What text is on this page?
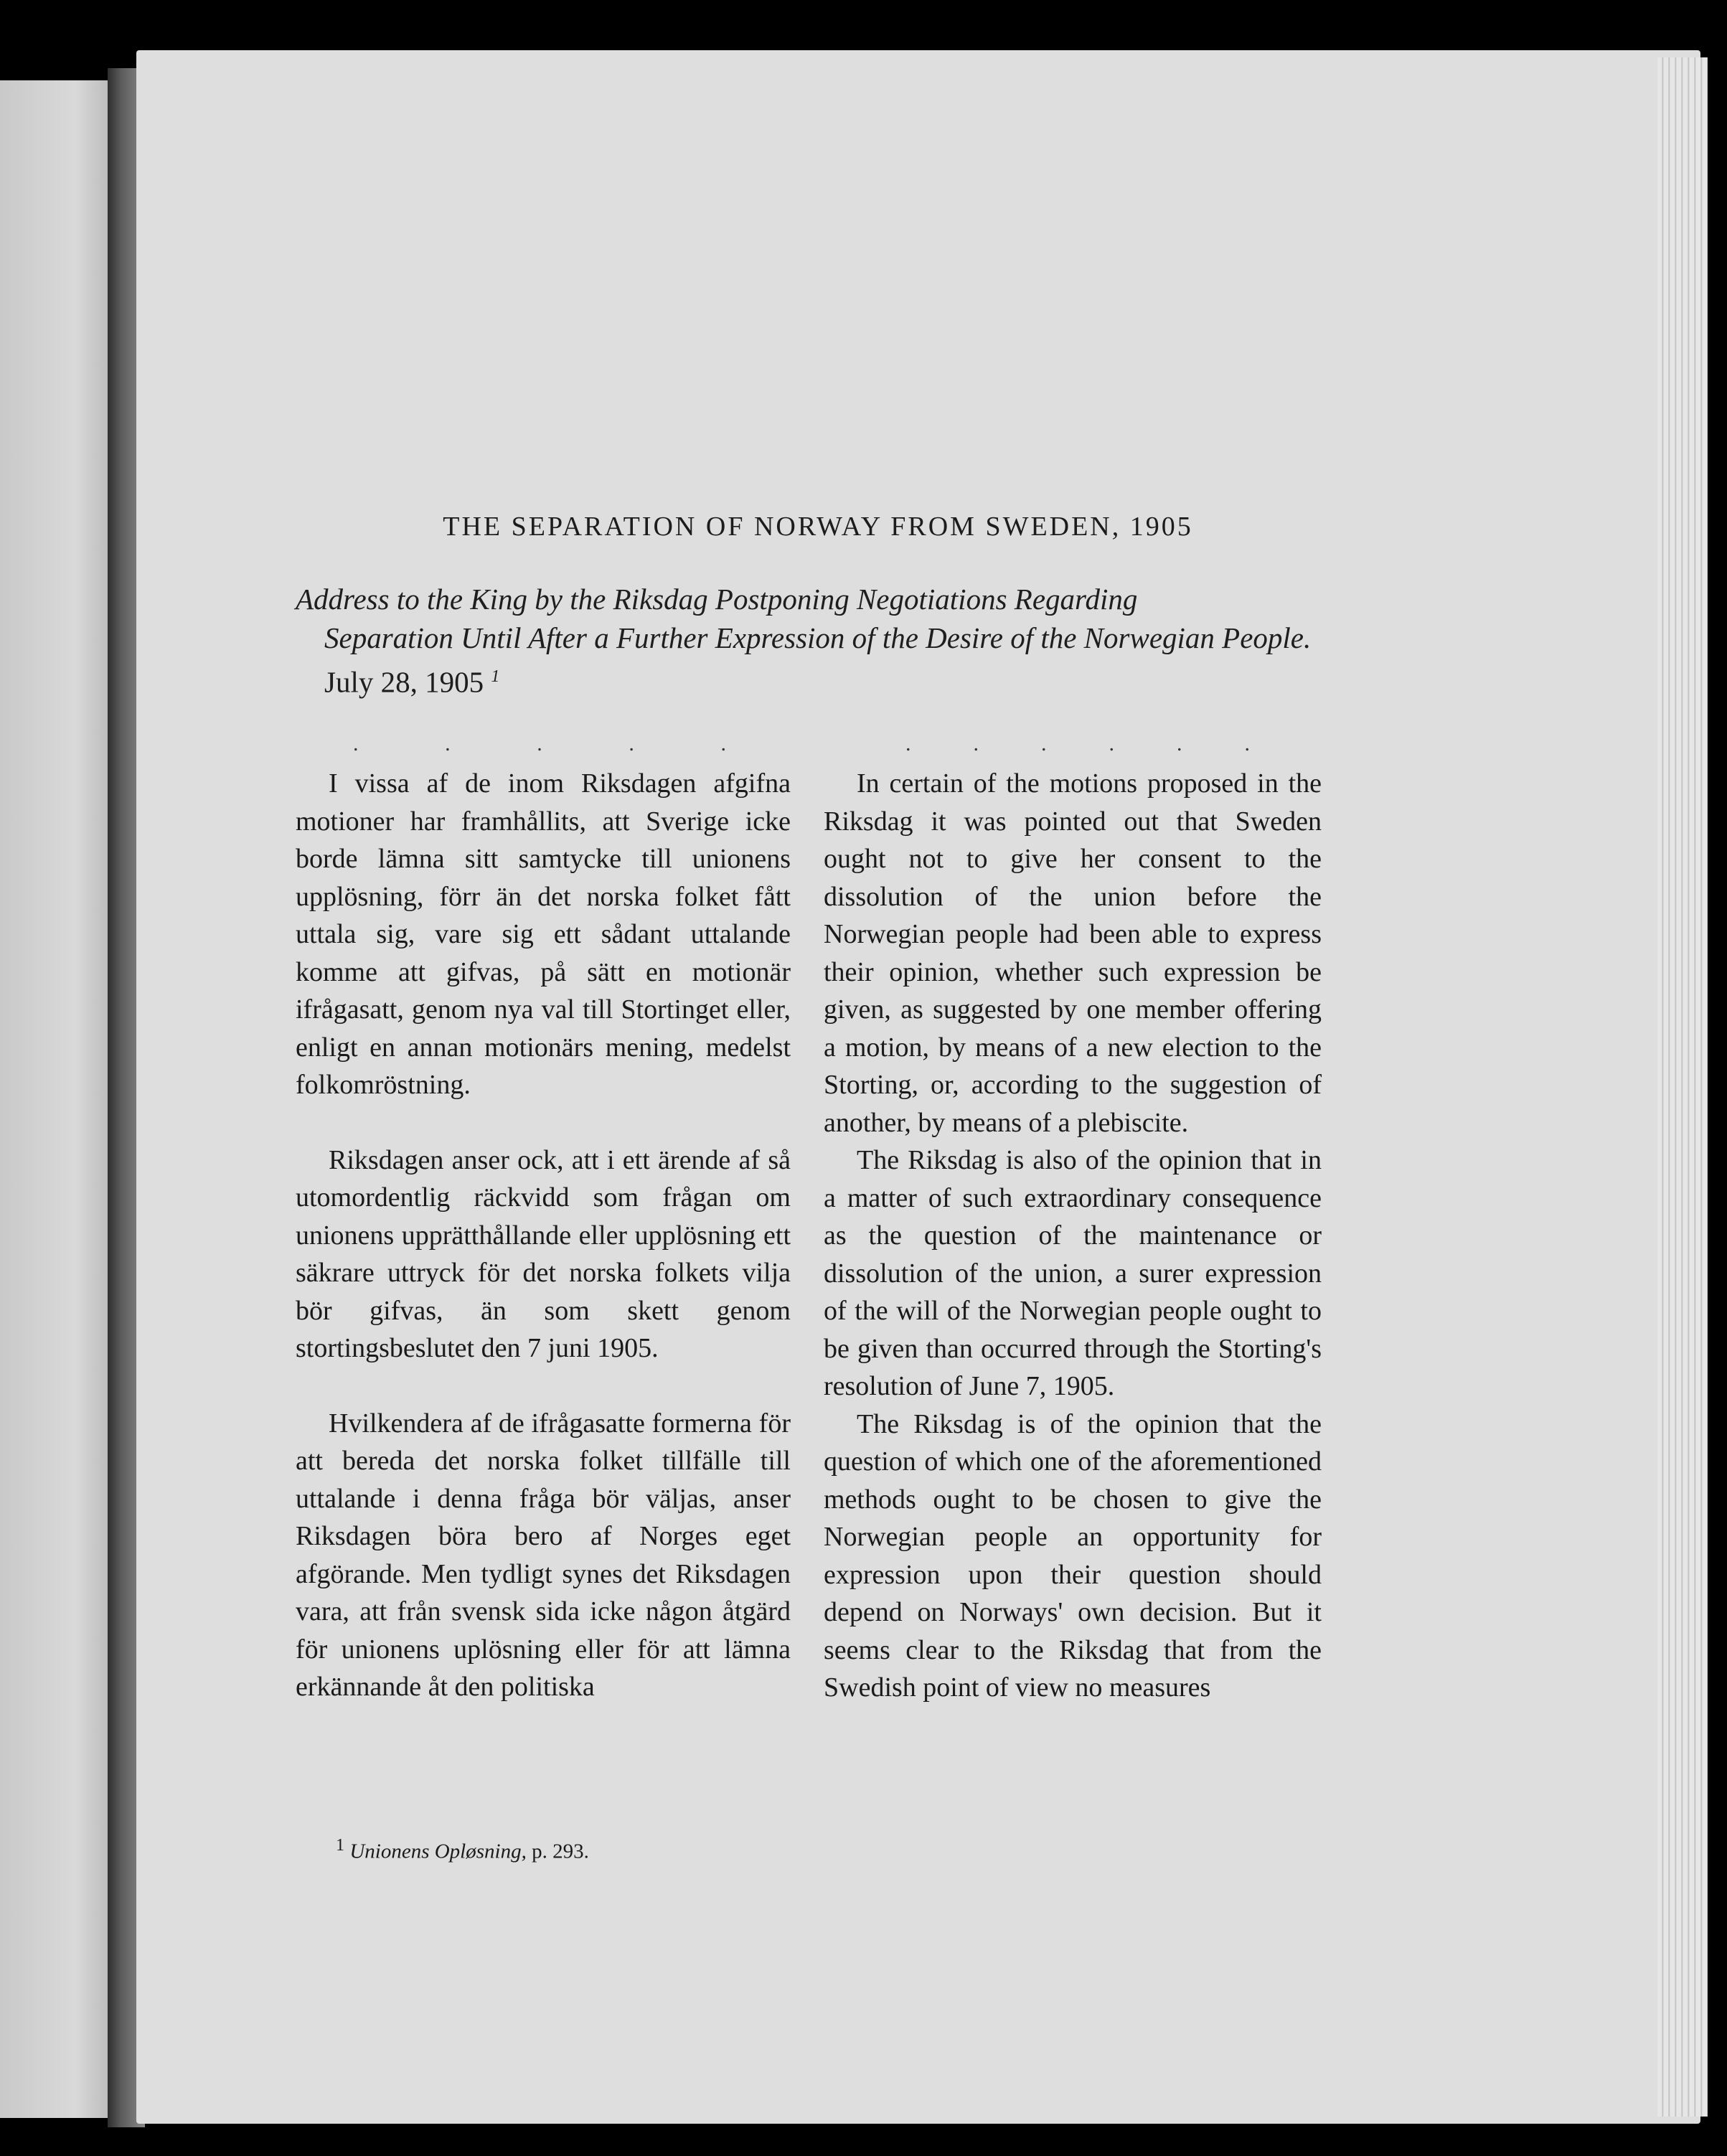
THE SEPARATION OF NORWAY FROM SWEDEN, 1905
Address to the King by the Riksdag Postponing Negotiations Regarding
Separation Until After a Further Expression of the Desire of the Norwegian People. July 28, 1905 $^1$
.	.	.	.	.	.	.	.	.	.	.

I vissa af de inom Riksdagen afgifna motioner har framhållits, att Sverige icke borde lämna sitt samtycke till unionens upplösning, förr än det norska folket fått uttala sig, vare sig ett sådant uttalande komme att gifvas, på sätt en motionär ifrågasatt, genom nya val till Stortinget eller, enligt en annan motionärs mening, medelst folkomröstning.

Riksdagen anser ock, att i ett ärende af så utomordentlig räckvidd som frågan om unionens upprätthållande eller upplösning ett säkrare uttryck för det norska folkets vilja bör gifvas, än som skett genom stortingsbeslutet den 7 juni 1905.

Hvilkendera af de ifrågasatte formerna för att bereda det norska folket tillfälle till uttalande i denna fråga bör väljas, anser Riksdagen böra bero af Norges eget afgörande. Men tydligt synes det Riksdagen vara, att från svensk sida icke någon åtgärd för unionens uplösning eller för att lämna erkännande åt den politiska

In certain of the motions proposed in the Riksdag it was pointed out that Sweden ought not to give her consent to the dissolution of the union before the Norwegian people had been able to express their opinion, whether such expression be given, as suggested by one member offering a motion, by means of a new election to the Storting, or, according to the suggestion of another, by means of a plebiscite.

The Riksdag is also of the opinion that in a matter of such extraordinary consequence as the question of the maintenance or dissolution of the union, a surer expression of the will of the Norwegian people ought to be given than occurred through the Storting's resolution of June 7, 1905.

The Riksdag is of the opinion that the question of which one of the aforementioned methods ought to be chosen to give the Norwegian people an opportunity for expression upon their question should depend on Norways' own decision. But it seems clear to the Riksdag that from the Swedish point of view no measures

$^1$ Unionens Opløsning, p. 293.
